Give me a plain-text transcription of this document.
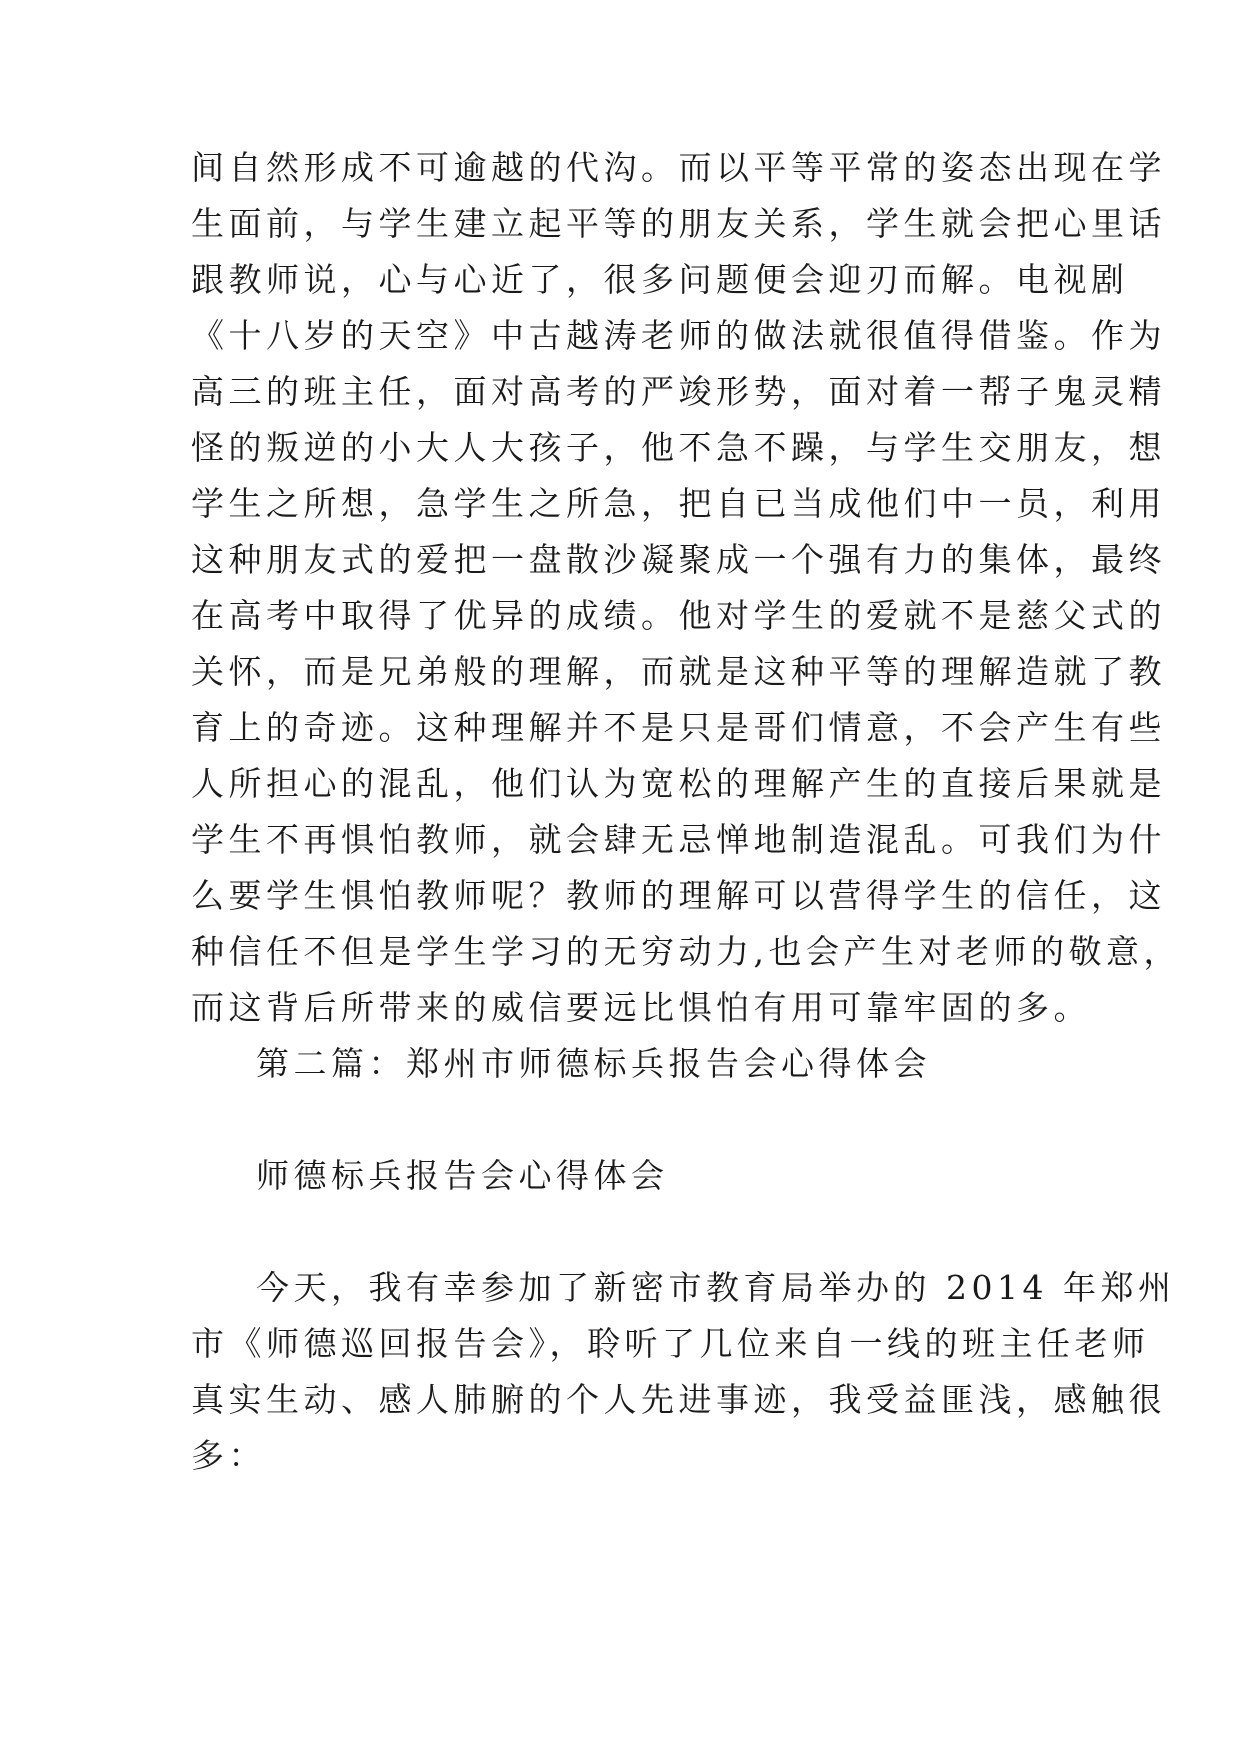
间自然形成不可逾越的代沟。而以平等平常的姿态出现在学
生面前，与学生建立起平等的朋友关系，学生就会把心里话
跟教师说，心与心近了，很多问题便会迎刃而解。电视剧
《十八岁的天空》中古越涛老师的做法就很值得借鉴。作为
高三的班主任，面对高考的严竣形势，面对着一帮子鬼灵精
怪的叛逆的小大人大孩子，他不急不躁，与学生交朋友，想
学生之所想，急学生之所急，把自已当成他们中一员，利用
这种朋友式的爱把一盘散沙凝聚成一个强有力的集体，最终
在高考中取得了优异的成绩。他对学生的爱就不是慈父式的
关怀，而是兄弟般的理解，而就是这种平等的理解造就了教
育上的奇迹。这种理解并不是只是哥们情意，不会产生有些
人所担心的混乱，他们认为宽松的理解产生的直接后果就是
学生不再惧怕教师，就会肆无忌惮地制造混乱。可我们为什
么要学生惧怕教师呢？教师的理解可以营得学生的信任，这
种信任不但是学生学习的无穷动力,也会产生对老师的敬意，
而这背后所带来的威信要远比惧怕有用可靠牢固的多。
第二篇：郑州市师德标兵报告会心得体会
师德标兵报告会心得体会
今天，我有幸参加了新密市教育局举办的 2014 年郑州
市《师德巡回报告会》，聆听了几位来自一线的班主任老师
真实生动、感人肺腑的个人先进事迹，我受益匪浅，感触很
多：
